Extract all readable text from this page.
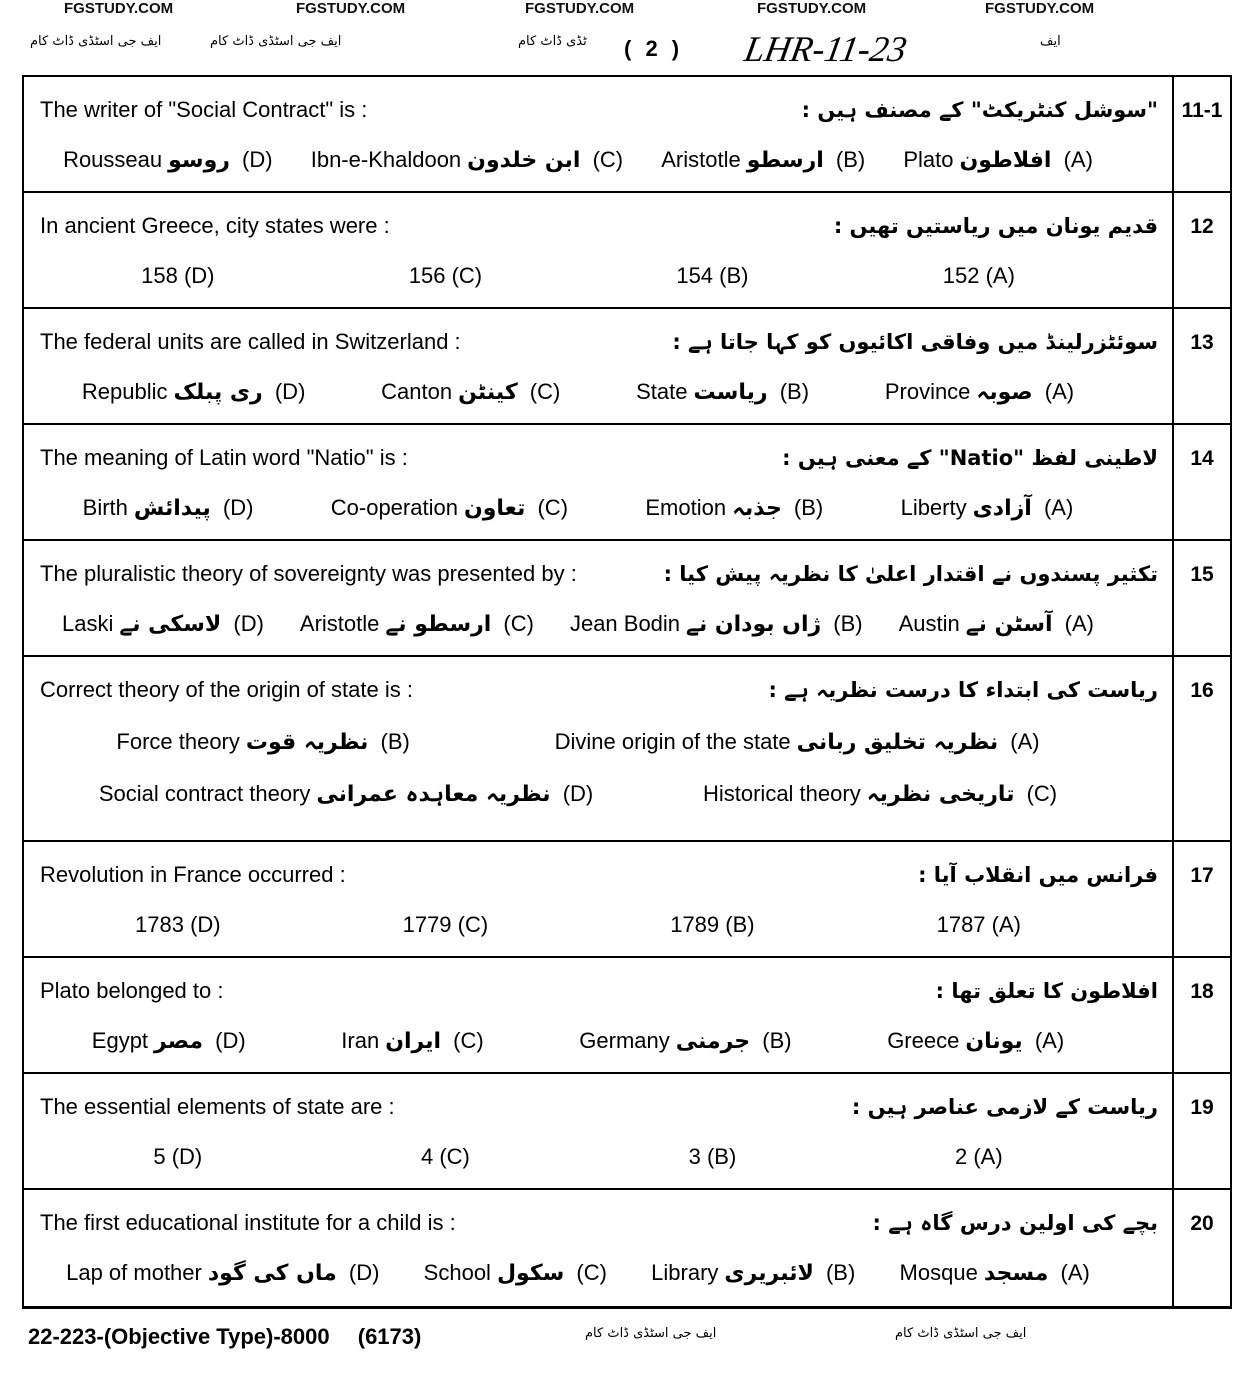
FGSTUDY.COM	FGSTUDY.COM	FGSTUDY.COM	FGSTUDY.COM	FGSTUDY.COM
ایف جی اسٹڈی ڈاٹ کام	ایف جی اسٹڈی ڈاٹ کام	ٹڈی ڈاٹ کام	ایف
( 2 ) LHR-11-23
The writer of "Social Contract" is :	"سوشل کنٹریکٹ" کے مصنف ہیں :
Rousseau روسو (D) Ibn-e-Khaldoon ابن خلدون (C) Aristotle ارسطو (B) Plato افلاطون (A)
11-1
In ancient Greece, city states were :	قدیم یونان میں ریاستیں تھیں :
158 (D)	156 (C)	154 (B)	152 (A)
12
The federal units are called in Switzerland :	سوئٹزرلینڈ میں وفاقی اکائیوں کو کہا جاتا ہے :
Republic ری پبلک (D)	Canton کینٹن (C)	State ریاست (B)	Province صوبہ (A)
13
The meaning of Latin word "Natio" is :	لاطینی لفظ "Natio" کے معنی ہیں :
Birth پیدائش (D)	Co-operation تعاون (C)	Emotion جذبہ (B)	Liberty آزادی (A)
14
The pluralistic theory of sovereignty was presented by :	تکثیر پسندوں نے اقتدار اعلیٰ کا نظریہ پیش کیا :
Laski لاسکی نے (D) Aristotle ارسطو نے (C) Jean Bodin ژاں بودان نے (B) Austin آسٹن نے (A)
15
Correct theory of the origin of state is :	ریاست کی ابتداء کا درست نظریہ ہے :
Force theory نظریہ قوت (B)	Divine origin of the state نظریہ تخلیق ربانی (A)
Social contract theory نظریہ معاہدہ عمرانی (D)	Historical theory تاریخی نظریہ (C)
16
Revolution in France occurred :	فرانس میں انقلاب آیا :
1783 (D)	1779 (C)	1789 (B)	1787 (A)
17
Plato belonged to :	افلاطون کا تعلق تھا :
Egypt مصر (D)	Iran ایران (C)	Germany جرمنی (B)	Greece یونان (A)
18
The essential elements of state are :	ریاست کے لازمی عناصر ہیں :
5 (D)	4 (C)	3 (B)	2 (A)
19
The first educational institute for a child is :	بچے کی اولین درس گاہ ہے :
Lap of mother ماں کی گود (D) School سکول (C) Library لائبریری (B) Mosque مسجد (A)
20
22-223-(Objective Type)-8000 (6173)	ایف جی اسٹڈی ڈاٹ کام	ایف جی اسٹڈی ڈاٹ کام
